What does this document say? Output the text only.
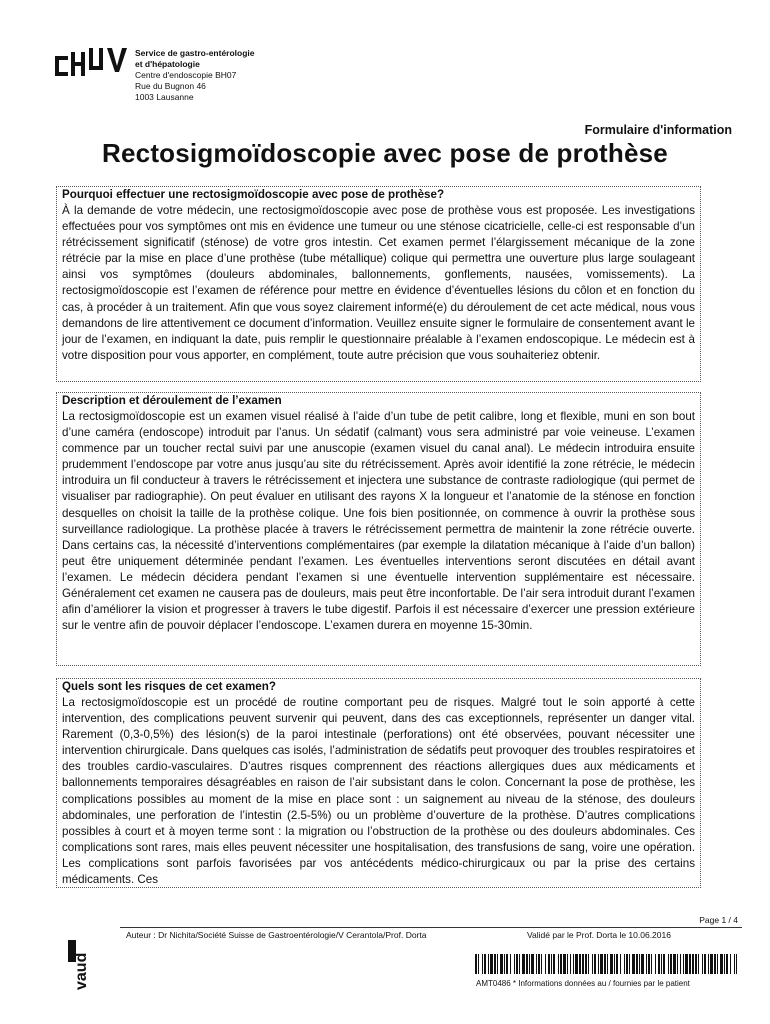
Service de gastro-entérologie
et d'hépatologie
Centre d'endoscopie BH07
Rue du Bugnon 46
1003 Lausanne
Formulaire d'information
Rectosigmoïdoscopie avec pose de prothèse
Pourquoi effectuer une rectosigmoïdoscopie avec pose de prothèse?

À la demande de votre médecin, une rectosigmoïdoscopie avec pose de prothèse vous est proposée. Les investigations effectuées pour vos symptômes ont mis en évidence une tumeur ou une sténose cicatricielle, celle-ci est responsable d’un rétrécissement significatif (sténose) de votre gros intestin. Cet examen permet l’élargissement mécanique de la zone rétrécie par la mise en place d’une prothèse (tube métallique) colique qui permettra une ouverture plus large soulageant ainsi vos symptômes (douleurs abdominales, ballonnements, gonflements, nausées, vomissements). La rectosigmoïdoscopie est l’examen de référence pour mettre en évidence d’éventuelles lésions du côlon et en fonction du cas, à procéder à un traitement. Afin que vous soyez clairement informé(e) du déroulement de cet acte médical, nous vous demandons de lire attentivement ce document d’information. Veuillez ensuite signer le formulaire de consentement avant le jour de l’examen, en indiquant la date, puis remplir le questionnaire préalable à l’examen endoscopique. Le médecin est à votre disposition pour vous apporter, en complément, toute autre précision que vous souhaiteriez obtenir.

Description et déroulement de l’examen

La rectosigmoïdoscopie est un examen visuel réalisé à l’aide d’un tube de petit calibre, long et flexible, muni en son bout d’une caméra (endoscope) introduit par l’anus. Un sédatif (calmant) vous sera administré par voie veineuse. L’examen commence par un toucher rectal suivi par une anuscopie (examen visuel du canal anal). Le médecin introduira ensuite prudemment l’endoscope par votre anus jusqu’au site du rétrécissement. Après avoir identifié la zone rétrécie, le médecin introduira un fil conducteur à travers le rétrécissement et injectera une substance de contraste radiologique (qui permet de visualiser par radiographie). On peut évaluer en utilisant des rayons X la longueur et l’anatomie de la sténose en fonction desquelles on choisit la taille de la prothèse colique. Une fois bien positionnée, on commence à ouvrir la prothèse sous surveillance radiologique. La prothèse placée à travers le rétrécissement permettra de maintenir la zone rétrécie ouverte. Dans certains cas, la nécessité d’interventions complémentaires (par exemple la dilatation mécanique à l’aide d’un ballon) peut être uniquement déterminée pendant l’examen. Les éventuelles interventions seront discutées en détail avant l’examen. Le médecin décidera pendant l’examen si une éventuelle intervention supplémentaire est nécessaire. Généralement cet examen ne causera pas de douleurs, mais peut être inconfortable. De l’air sera introduit durant l’examen afin d’améliorer la vision et progresser à travers le tube digestif. Parfois il est nécessaire d’exercer une pression extérieure sur le ventre afin de pouvoir déplacer l’endoscope. L’examen durera en moyenne 15-30min.

Quels sont les risques de cet examen?

La rectosigmoïdoscopie est un procédé de routine comportant peu de risques. Malgré tout le soin apporté à cette intervention, des complications peuvent survenir qui peuvent, dans des cas exceptionnels, représenter un danger vital. Rarement (0,3-0,5%) des lésion(s) de la paroi intestinale (perforations) ont été observées, pouvant nécessiter une intervention chirurgicale. Dans quelques cas isolés, l’administration de sédatifs peut provoquer des troubles respiratoires et des troubles cardio-vasculaires. D’autres risques comprennent des réactions allergiques dues aux médicaments et ballonnements temporaires désagréables en raison de l’air subsistant dans le colon. Concernant la pose de prothèse, les complications possibles au moment de la mise en place sont : un saignement au niveau de la sténose, des douleurs abdominales, une perforation de l’intestin (2.5-5%) ou un problème d’ouverture de la prothèse. D’autres complications possibles à court et à moyen terme sont : la migration ou l’obstruction de la prothèse ou des douleurs abdominales. Ces complications sont rares, mais elles peuvent nécessiter une hospitalisation, des transfusions de sang, voire une opération. Les complications sont parfois favorisées par vos antécédents médico-chirurgicaux ou par la prise des certains médicaments. Ces

Page 1 / 4
Auteur : Dr Nichita/Société Suisse de Gastroentérologie/V Cerantola/Prof. Dorta	Validé par le Prof. Dorta le 10.06.2016
vaud	AMT0486 * Informations données au / fournies par le patient
